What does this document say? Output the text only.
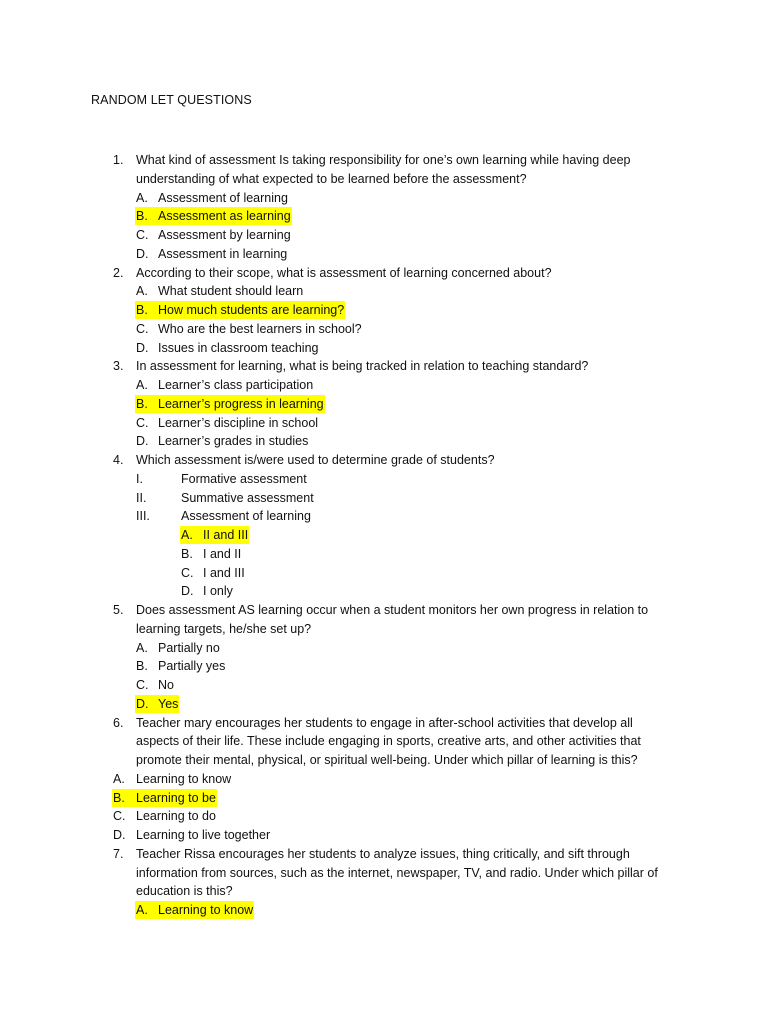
RANDOM LET QUESTIONS
1. What kind of assessment Is taking responsibility for one’s own learning while having deep
understanding of what expected to be learned before the assessment?
A. Assessment of learning
B. Assessment as learning
C. Assessment by learning
D. Assessment in learning
2. According to their scope, what is assessment of learning concerned about?
A. What student should learn
B. How much students are learning?
C. Who are the best learners in school?
D. Issues in classroom teaching
3. In assessment for learning, what is being tracked in relation to teaching standard?
A. Learner’s class participation
B. Learner’s progress in learning
C. Learner’s discipline in school
D. Learner’s grades in studies
4. Which assessment is/were used to determine grade of students?
I.	Formative assessment
II.	Summative assessment
III. Assessment of learning
A. II and III
B. I and II
C. I and III
D. I only
5. Does assessment AS learning occur when a student monitors her own progress in relation to
learning targets, he/she set up?
A. Partially no
B. Partially yes
C. No
D. Yes
6. Teacher mary encourages her students to engage in after-school activities that develop all
aspects of their life. These include engaging in sports, creative arts, and other activities that
promote their mental, physical, or spiritual well-being. Under which pillar of learning is this?
A. Learning to know
B. Learning to be
C. Learning to do
D. Learning to live together
7. Teacher Rissa encourages her students to analyze issues, thing critically, and sift through
information from sources, such as the internet, newspaper, TV, and radio. Under which pillar of
education is this?
A. Learning to know
